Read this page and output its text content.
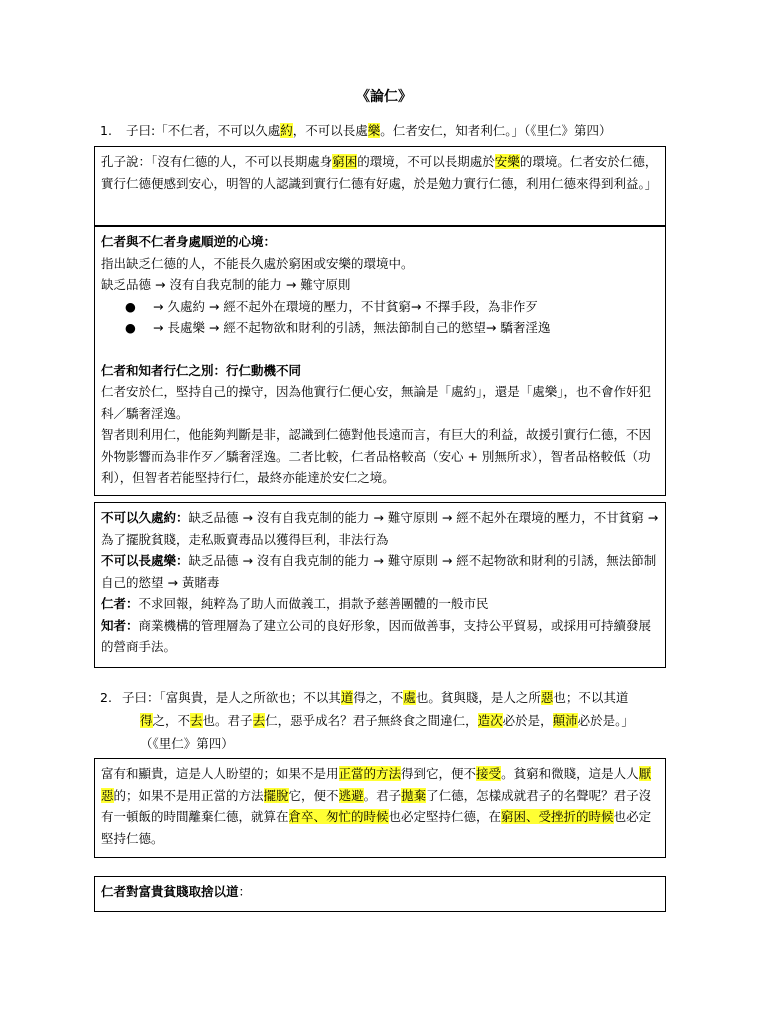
《論仁》
1. 子曰:「不仁者，不可以久處約，不可以長處樂。仁者安仁，知者利仁。」（《里仁》第四）

孔子說：「沒有仁德的人，不可以長期處身窮困的環境，不可以長期處於安樂的環境。仁者安於仁德，實行仁德便感到安心，明智的人認識到實行仁德有好處，於是勉力實行仁德，利用仁德來得到利益。」

仁者與不仁者身處順逆的心境：

指出缺乏仁德的人，不能長久處於窮困或安樂的環境中。

缺乏品德 → 沒有自我克制的能力 → 難守原則

● → 久處約 → 經不起外在環境的壓力，不甘貧窮→ 不擇手段，為非作歹

● → 長處樂 → 經不起物欲和財利的引誘，無法節制自己的慾望→ 驕奢淫逸

仁者和知者行仁之別：行仁動機不同

仁者安於仁，堅持自己的操守，因為他實行仁便心安，無論是「處約」，還是「處樂」，也不會作奸犯科／驕奢淫逸。

智者則利用仁，他能夠判斷是非，認識到仁德對他長遠而言，有巨大的利益，故援引實行仁德，不因外物影響而為非作歹／驕奢淫逸。二者比較，仁者品格較高（安心 + 別無所求），智者品格較低（功利），但智者若能堅持行仁，最終亦能達於安仁之境。

不可以久處約：缺乏品德 → 沒有自我克制的能力 → 難守原則 → 經不起外在環境的壓力，不甘貧窮 → 為了擺脫貧賤，走私販賣毒品以獲得巨利，非法行為

不可以長處樂：缺乏品德 → 沒有自我克制的能力 → 難守原則 → 經不起物欲和財利的引誘，無法節制自己的慾望 → 黃賭毒

仁者：不求回報，純粹為了助人而做義工，捐款予慈善團體的一般市民

知者：商業機構的管理層為了建立公司的良好形象，因而做善事，支持公平貿易，或採用可持續發展的營商手法。

2. 子曰：「富與貴，是人之所欲也；不以其道得之，不處也。貧與賤，是人之所惡也；不以其道
得之，不去也。君子去仁，惡乎成名？君子無終食之間違仁，造次必於是，顛沛必於是。」
（《里仁》第四）

富有和顯貴，這是人人盼望的；如果不是用正當的方法得到它，便不接受。貧窮和微賤，這是人人厭惡的；如果不是用正當的方法擺脫它，便不逃避。君子拋棄了仁德，怎樣成就君子的名聲呢？君子沒有一頓飯的時間離棄仁德，就算在倉卒、匆忙的時候也必定堅持仁德，在窮困、受挫折的時候也必定堅持仁德。

仁者對富貴貧賤取捨以道：
